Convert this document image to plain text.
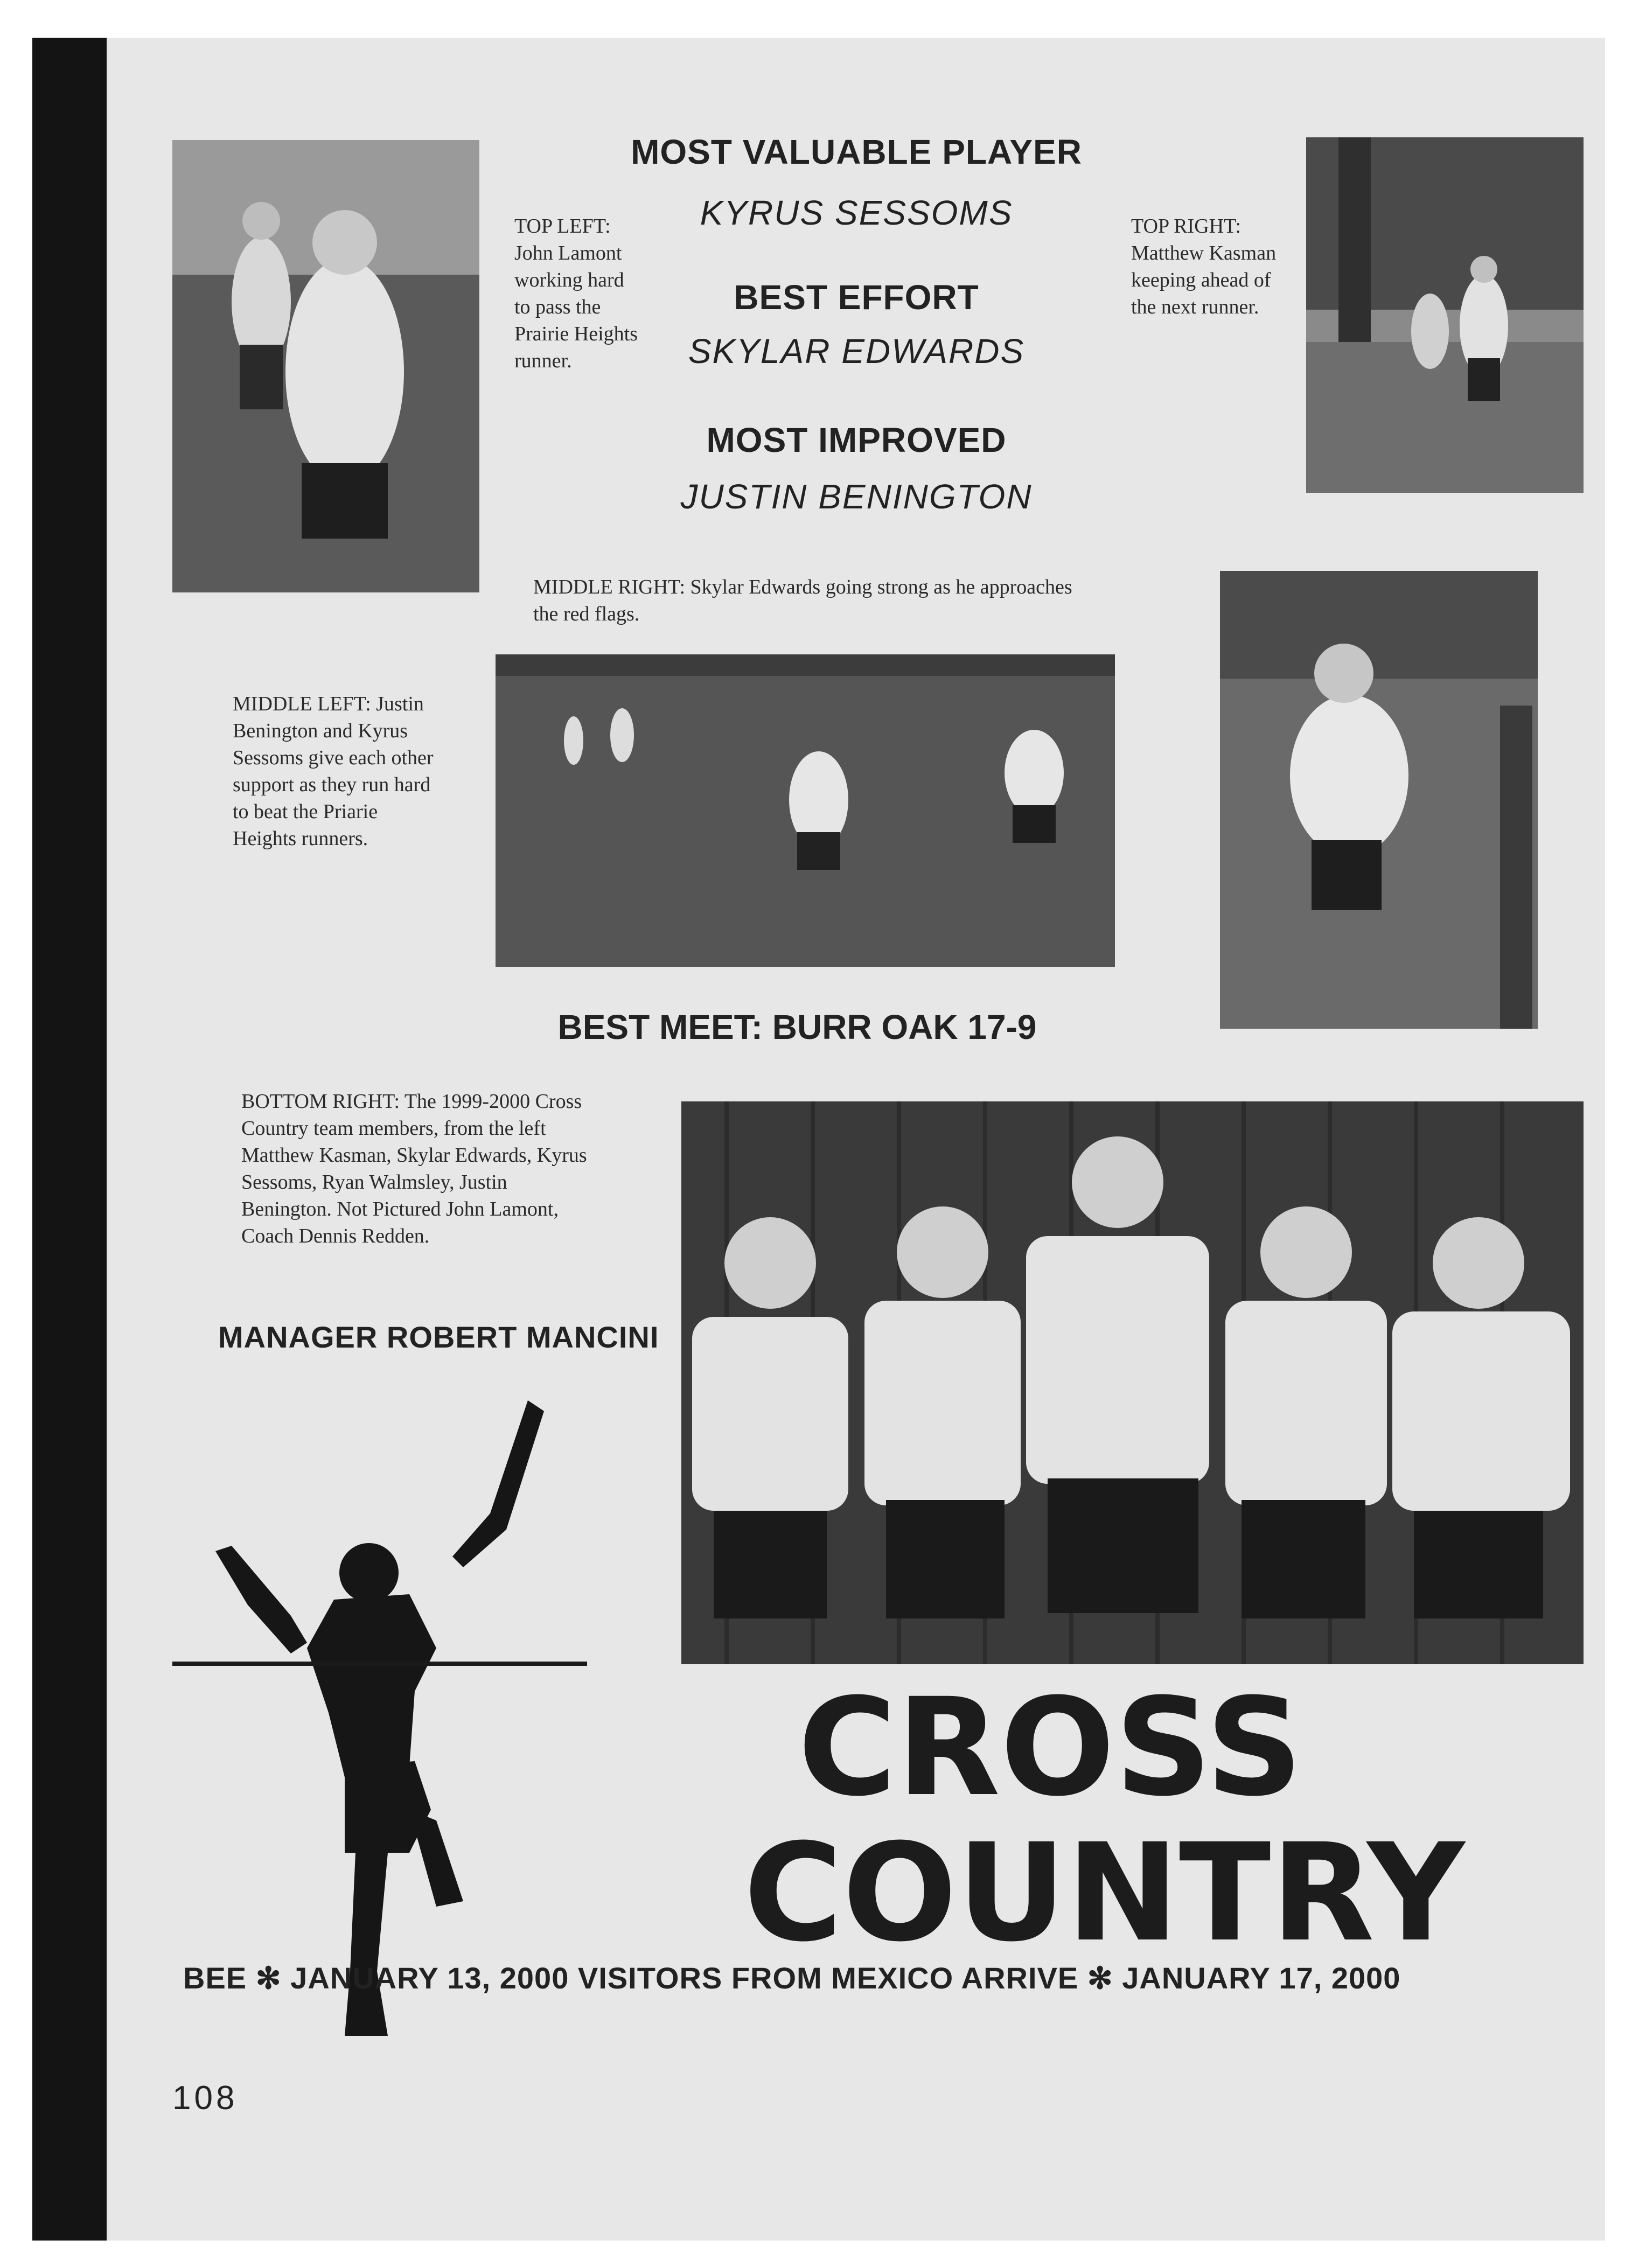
TOP LEFT: John Lamont working hard to pass the Prairie Heights runner.
TOP RIGHT: Matthew Kasman keeping ahead of the next runner.
MIDDLE RIGHT: Skylar Edwards going strong as he approaches the red flags.
MIDDLE LEFT: Justin Benington and Kyrus Sessoms give each other support as they run hard to beat the Priarie Heights runners.
BOTTOM RIGHT: The 1999-2000 Cross Country team members, from the left Matthew Kasman, Skylar Edwards, Kyrus Sessoms, Ryan Walmsley, Justin Benington. Not Pictured John Lamont, Coach Dennis Redden.
MOST VALUABLE PLAYER
KYRUS SESSOMS
BEST EFFORT
SKYLAR EDWARDS
MOST IMPROVED
JUSTIN BENINGTON
BEST MEET: BURR OAK 17-9
MANAGER ROBERT MANCINI
CROSS
COUNTRY
BEE ✻ JANUARY 13, 2000 VISITORS FROM MEXICO ARRIVE ✻ JANUARY 17, 2000
108
